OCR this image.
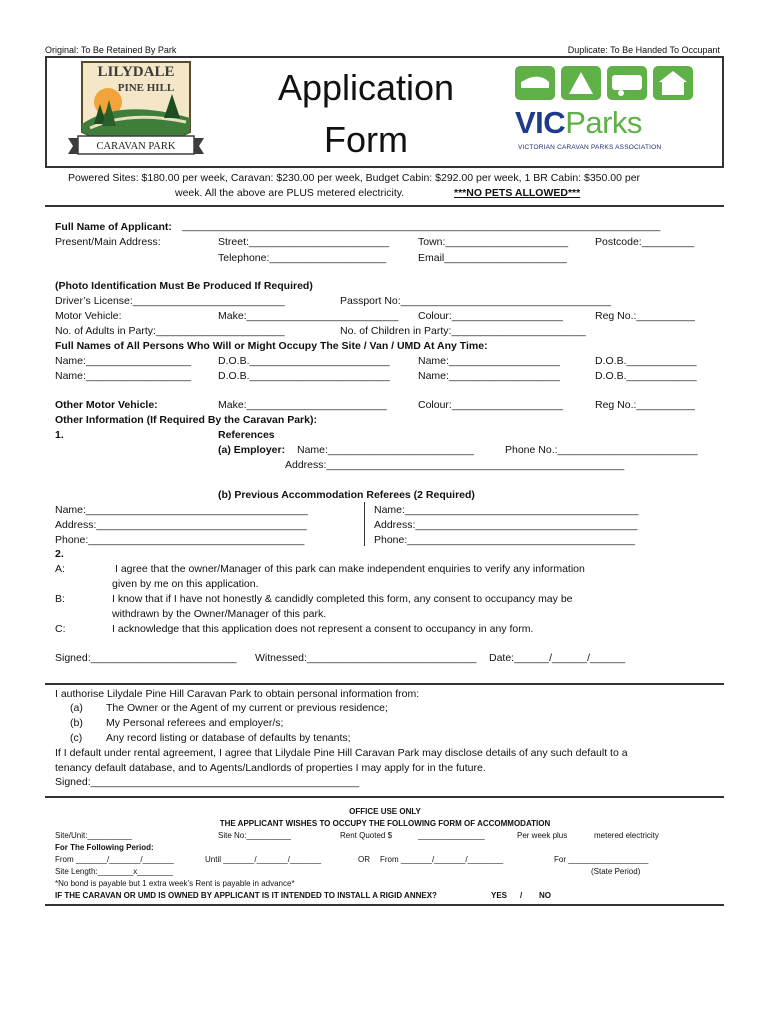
Original: To Be Retained By Park	Duplicate: To Be Handed To Occupant
CARAVAN PARK
LILYDALE
PINE HILL	Application
Form	VICParks
VICTORIAN CARAVAN PARKS ASSOCIATION
Powered Sites: $180.00 per week, Caravan: $230.00 per week, Budget Cabin: $292.00 per week, 1 BR Cabin: $350.00 per
week. All the above are PLUS metered electricity.	***NO PETS ALLOWED***
Full Name of Applicant: ______________________________________________________________________________________
Present/Main Address:	Street:________________________	Town:_____________________	Postcode:_________
Telephone:____________________	Email_____________________
(Photo Identification Must Be Produced If Required)
Driver’s License:__________________________	Passport No:____________________________________
Motor Vehicle:	Make:__________________________ Colour:___________________	Reg No.:__________
No. of Adults in Party:______________________	No. of Children in Party:_______________________
Full Names of All Persons Who Will or Might Occupy The Site / Van / UMD At Any Time:
Name:__________________	D.O.B.________________________	Name:___________________	D.O.B.____________
Name:__________________	D.O.B.________________________	Name:___________________	D.O.B.____________
Other Motor Vehicle:	Make:________________________	Colour:___________________	Reg No.:__________
Other Information (If Required By the Caravan Park):
1.	References
(a) Employer: Name:_________________________	Phone No.:________________________
Address:___________________________________________________
(b) Previous Accommodation Referees (2 Required)
Name:______________________________________
Address:____________________________________
Phone:_____________________________________
Name:________________________________________
Address:______________________________________
Phone:_______________________________________
2.
A:	I agree that the owner/Manager of this park can make independent enquiries to verify any information
given by me on this application.
B:	I know that if I have not honestly & candidly completed this form, any consent to occupancy may be
withdrawn by the Owner/Manager of this park.
C:	I acknowledge that this application does not represent a consent to occupancy in any form.
Signed:_________________________ Witnessed:_____________________________ Date:______/______/______
I authorise Lilydale Pine Hill Caravan Park to obtain personal information from:
(a) The Owner or the Agent of my current or previous residence;
(b) My Personal referees and employer/s;
(c) Any record listing or database of defaults by tenants;
If I default under rental agreement, I agree that Lilydale Pine Hill Caravan Park may disclose details of any such default to a
tenancy default database, and to Agents/Landlords of properties I may apply for in the future.
Signed:______________________________________________
OFFICE USE ONLY
THE APPLICANT WISHES TO OCCUPY THE FOLLOWING FORM OF ACCOMMODATION
Site/Unit:__________	Site No:__________	Rent Quoted $	_______________	Per week plus	metered electricity
For The Following Period:
From _______/_______/_______	Until _______/_______/_______	OR From _______/_______/________	For __________________
Site Length:________x________	(State Period)
*No bond is payable but 1 extra week’s Rent is payable in advance*
IF THE CARAVAN OR UMD IS OWNED BY APPLICANT IS IT INTENDED TO INSTALL A RIGID ANNEX?	YES / NO
